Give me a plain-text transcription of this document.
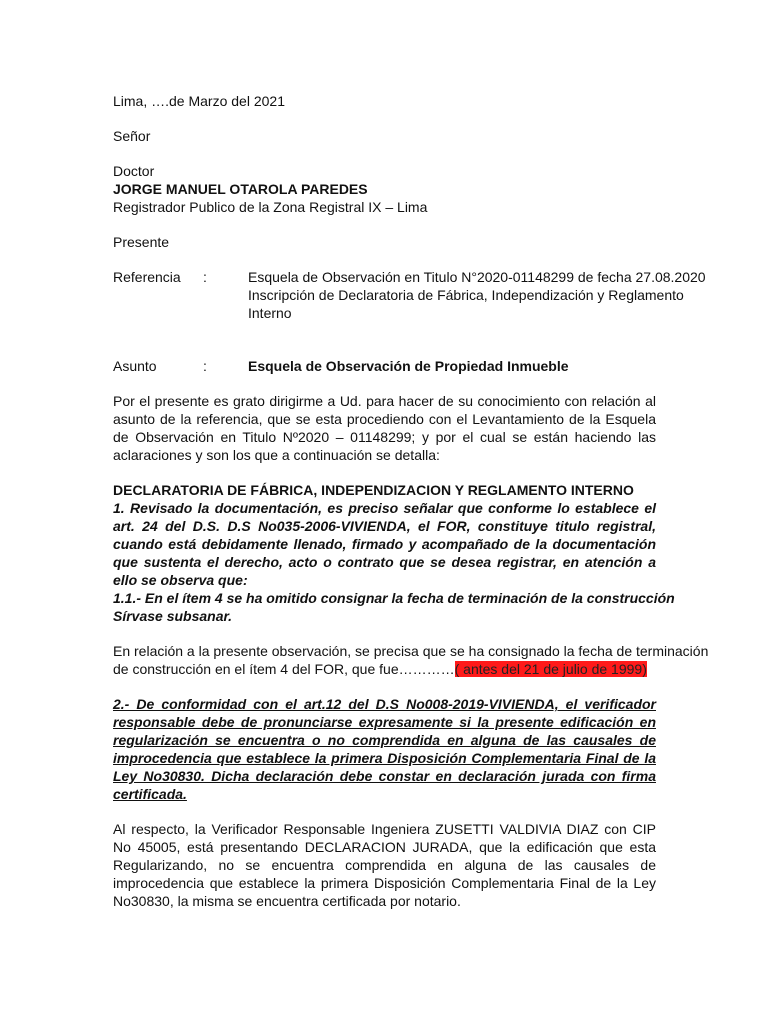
Lima, ….de Marzo del 2021
Señor
Doctor
JORGE MANUEL OTAROLA PAREDES
Registrador Publico de la Zona Registral IX – Lima
Presente
Referencia	:	Esquela de Observación en Titulo N°2020-01148299 de fecha 27.08.2020
Inscripción de Declaratoria de Fábrica, Independización y Reglamento
Interno
Asunto	:	Esquela de Observación de Propiedad Inmueble
Por el presente es grato dirigirme a Ud. para hacer de su conocimiento con relación al asunto de la referencia, que se esta procediendo con el Levantamiento de la Esquela de Observación en Titulo Nº2020 – 01148299; y por el cual se están haciendo las aclaraciones y son los que a continuación se detalla:
DECLARATORIA DE FÁBRICA, INDEPENDIZACION Y REGLAMENTO INTERNO
1. Revisado la documentación, es preciso señalar que conforme lo establece el art. 24 del D.S. D.S No035-2006-VIVIENDA, el FOR, constituye titulo registral, cuando está debidamente llenado, firmado y acompañado de la documentación que sustenta el derecho, acto o contrato que se desea registrar, en atención a ello se observa que:
1.1.- En el ítem 4 se ha omitido consignar la fecha de terminación de la construcción
Sírvase subsanar.
En relación a la presente observación, se precisa que se ha consignado la fecha de terminación
de construcción en el ítem 4 del FOR, que fue…………( antes del 21 de julio de 1999)
2.- De conformidad con el art.12 del D.S No008-2019-VIVIENDA, el verificador responsable debe de pronunciarse expresamente si la presente edificación en regularización se encuentra o no comprendida en alguna de las causales de improcedencia que establece la primera Disposición Complementaria Final de la Ley No30830. Dicha declaración debe constar en declaración jurada con firma certificada.
Al respecto, la Verificador Responsable Ingeniera ZUSETTI VALDIVIA DIAZ con CIP No 45005, está presentando DECLARACION JURADA, que la edificación que esta Regularizando, no se encuentra comprendida en alguna de las causales de improcedencia que establece la primera Disposición Complementaria Final de la Ley No30830, la misma se encuentra certificada por notario.
